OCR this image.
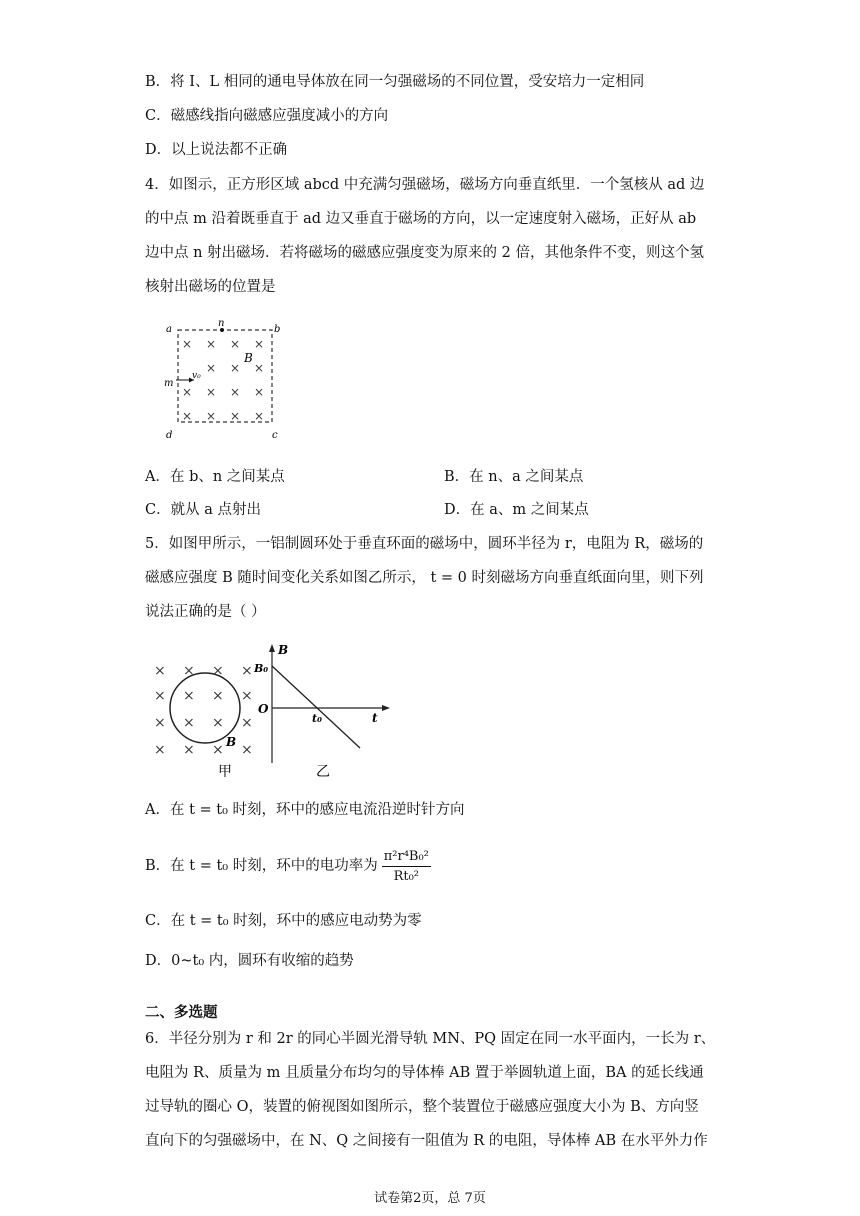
B．将 I、L 相同的通电导体放在同一匀强磁场的不同位置，受安培力一定相同
C．磁感线指向磁感应强度减小的方向
D．以上说法都不正确
4．如图示，正方形区域 abcd 中充满匀强磁场，磁场方向垂直纸里．一个氢核从 ad 边
的中点 m 沿着既垂直于 ad 边又垂直于磁场的方向，以一定速度射入磁场，正好从 ab
边中点 n 射出磁场．若将磁场的磁感应强度变为原来的 2 倍，其他条件不变，则这个氢
核射出磁场的位置是
× × × ×
× × ×
× × × ×
× × × ×
a
n
b
B
m
v₀
d	c
A．在 b、n 之间某点	B．在 n、a 之间某点
C．就从 a 点射出	D．在 a、m 之间某点
5．如图甲所示，一铝制圆环处于垂直环面的磁场中，圆环半径为 r，电阻为 R，磁场的
磁感应强度 B 随时间变化关系如图乙所示， t = 0 时刻磁场方向垂直纸面向里，则下列
说法正确的是（ ）
× × × ×
× × × ×
× × × ×
× × × ×
B
甲
B
B₀
O
t₀	t
乙
A．在 t = t₀ 时刻，环中的感应电流沿逆时针方向
B．在 t = t₀ 时刻，环中的电功率为 $\frac{\text{π²r⁴B₀²}}{\text{Rt₀²}}$
C．在 t = t₀ 时刻，环中的感应电动势为零
D．0~t₀ 内，圆环有收缩的趋势
二、多选题
6．半径分别为 r 和 2r 的同心半圆光滑导轨 MN、PQ 固定在同一水平面内，一长为 r、
电阻为 R、质量为 m 且质量分布均匀的导体棒 AB 置于举圆轨道上面，BA 的延长线通
过导轨的圈心 O，装置的俯视图如图所示，整个装置位于磁感应强度大小为 B、方向竖
直向下的匀强磁场中，在 N、Q 之间接有一阻值为 R 的电阻，导体棒 AB 在水平外力作
试卷第2页，总 7页
